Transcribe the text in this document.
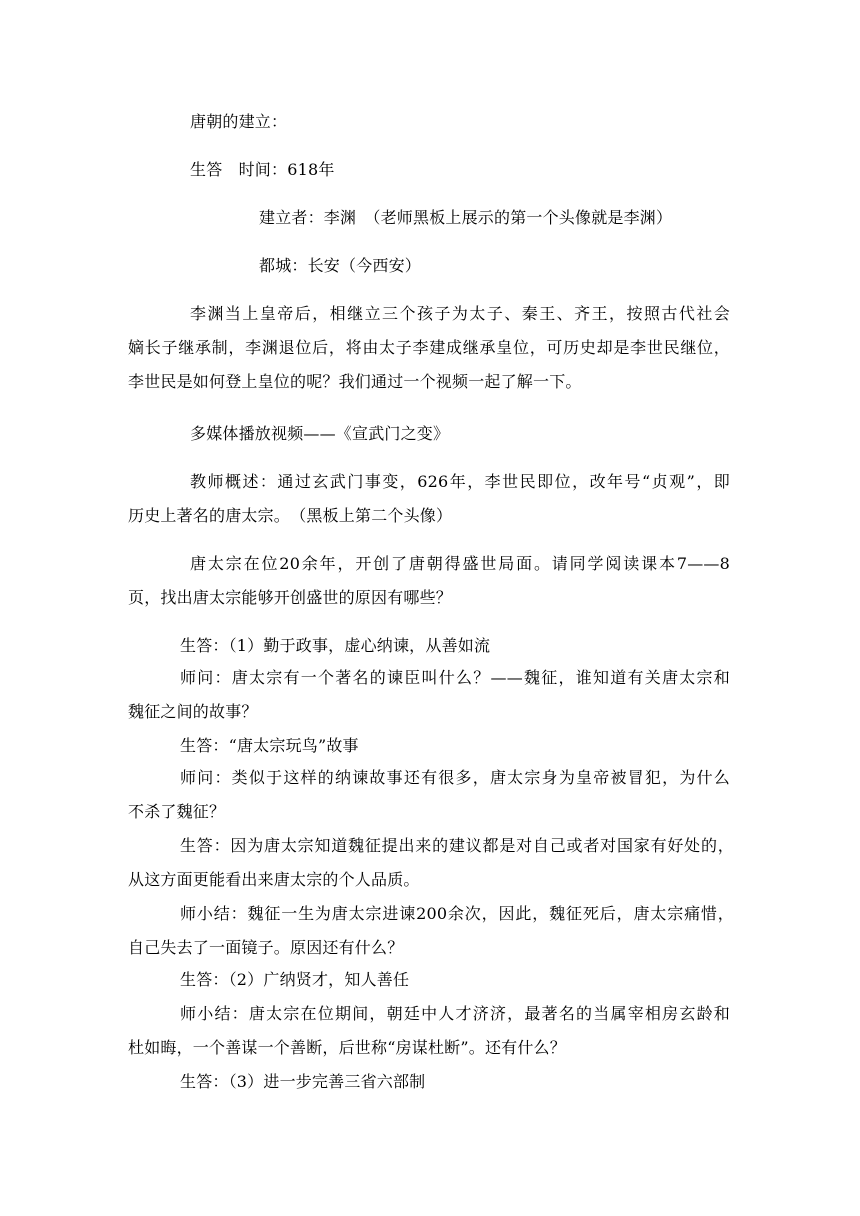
唐朝的建立：
生答　时间：618年
建立者：李渊　（老师黑板上展示的第一个头像就是李渊）
都城：长安（今西安）
李渊当上皇帝后，相继立三个孩子为太子、秦王、齐王，按照古代社会
嫡长子继承制，李渊退位后，将由太子李建成继承皇位，可历史却是李世民继位，
李世民是如何登上皇位的呢？我们通过一个视频一起了解一下。
多媒体播放视频——《宣武门之变》
教师概述：通过玄武门事变，626年，李世民即位，改年号“贞观”，即
历史上著名的唐太宗。　（黑板上第二个头像）
唐太宗在位20余年，开创了唐朝得盛世局面。请同学阅读课本7——8
页，找出唐太宗能够开创盛世的原因有哪些？
生答：（1）勤于政事，虚心纳谏，从善如流
师问：唐太宗有一个著名的谏臣叫什么？——魏征，谁知道有关唐太宗和
魏征之间的故事？
生答：“唐太宗玩鸟”故事
师问：类似于这样的纳谏故事还有很多，唐太宗身为皇帝被冒犯，为什么
不杀了魏征？
生答：因为唐太宗知道魏征提出来的建议都是对自己或者对国家有好处的，
从这方面更能看出来唐太宗的个人品质。
师小结：魏征一生为唐太宗进谏200余次，因此，魏征死后，唐太宗痛惜，
自己失去了一面镜子。原因还有什么？
生答：（2）广纳贤才，知人善任
师小结：唐太宗在位期间，朝廷中人才济济，最著名的当属宰相房玄龄和
杜如晦，一个善谋一个善断，后世称“房谋杜断”。还有什么？
生答：（3）进一步完善三省六部制
